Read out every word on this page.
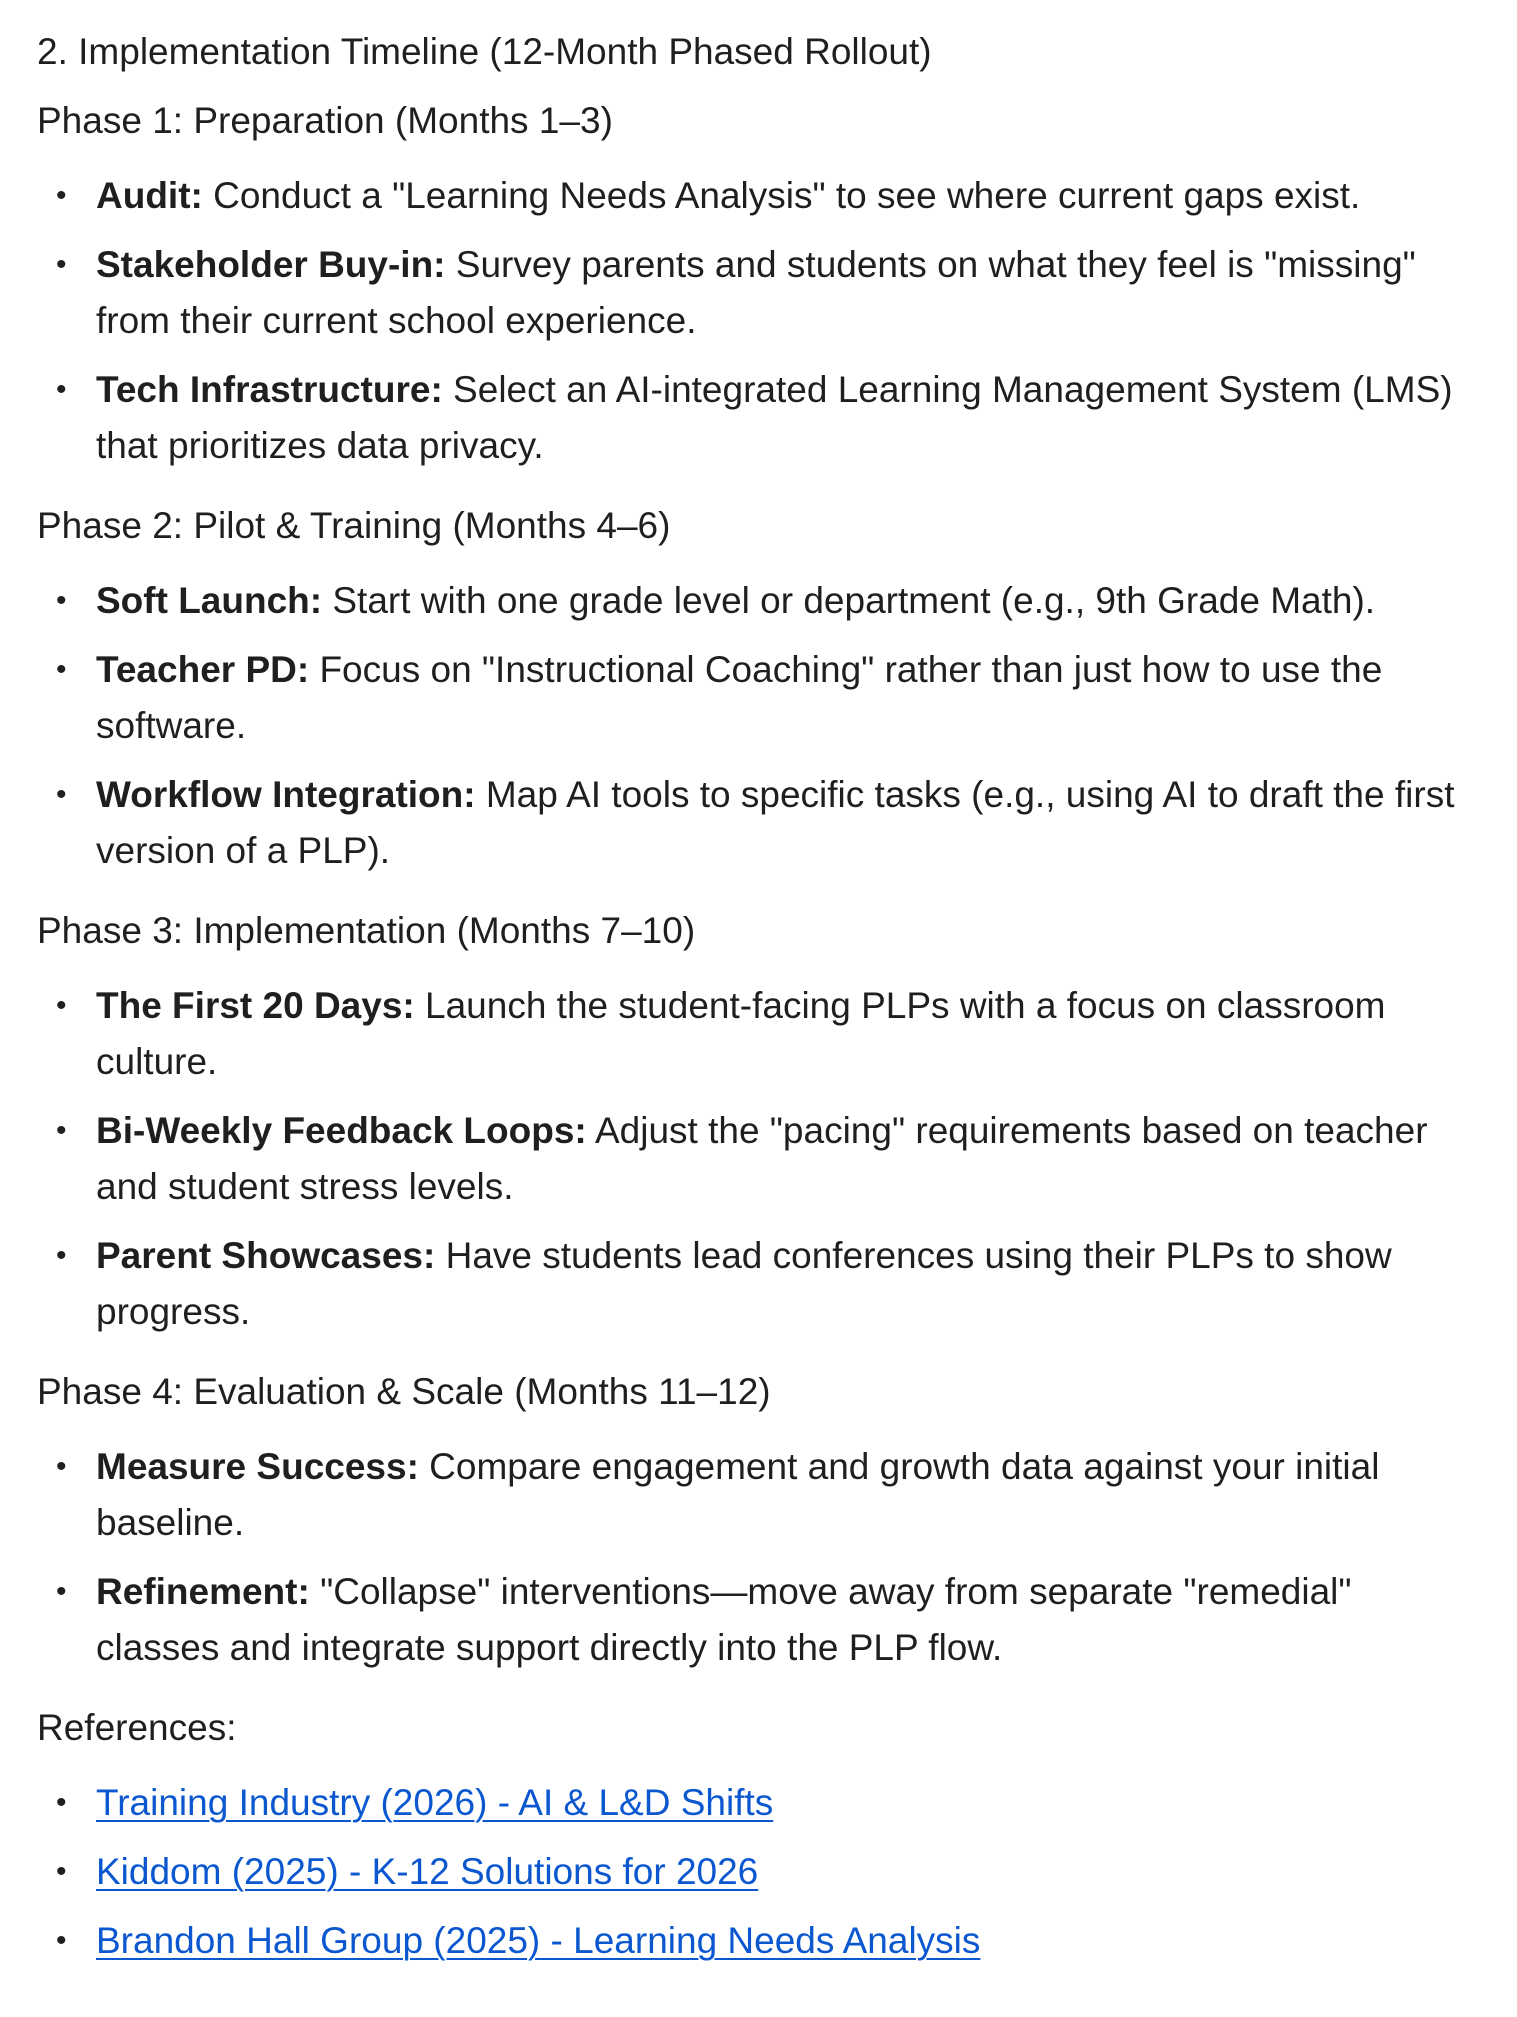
2. Implementation Timeline (12-Month Phased Rollout)
Phase 1: Preparation (Months 1–3)
• Audit: Conduct a "Learning Needs Analysis" to see where current gaps exist.
• Stakeholder Buy-in: Survey parents and students on what they feel is "missing" from their current school experience.
• Tech Infrastructure: Select an AI-integrated Learning Management System (LMS) that prioritizes data privacy.
Phase 2: Pilot & Training (Months 4–6)
• Soft Launch: Start with one grade level or department (e.g., 9th Grade Math).
• Teacher PD: Focus on "Instructional Coaching" rather than just how to use the software.
• Workflow Integration: Map AI tools to specific tasks (e.g., using AI to draft the first version of a PLP).
Phase 3: Implementation (Months 7–10)
• The First 20 Days: Launch the student-facing PLPs with a focus on classroom culture.
• Bi-Weekly Feedback Loops: Adjust the "pacing" requirements based on teacher and student stress levels.
• Parent Showcases: Have students lead conferences using their PLPs to show progress.
Phase 4: Evaluation & Scale (Months 11–12)
• Measure Success: Compare engagement and growth data against your initial baseline.
• Refinement: "Collapse" interventions—move away from separate "remedial" classes and integrate support directly into the PLP flow.
References:
• Training Industry (2026) - AI & L&D Shifts
• Kiddom (2025) - K-12 Solutions for 2026
• Brandon Hall Group (2025) - Learning Needs Analysis
